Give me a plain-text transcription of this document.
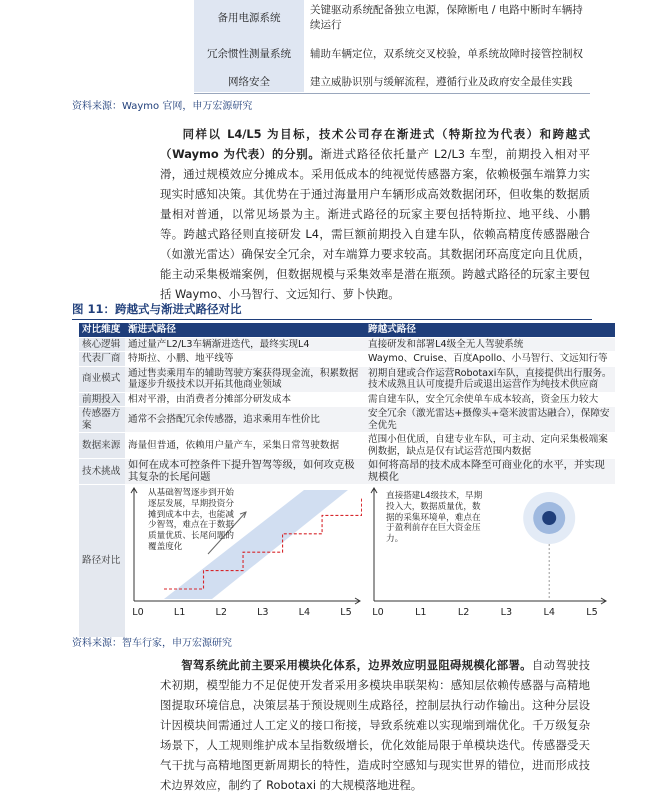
备用电源系统	关键驱动系统配备独立电源，保障断电 / 电路中断时车辆持续运行
冗余惯性测量系统	辅助车辆定位，双系统交叉校验，单系统故障时接管控制权
网络安全	建立威胁识别与缓解流程，遵循行业及政府安全最佳实践
资料来源：Waymo 官网，申万宏源研究
同样以 L4/L5 为目标，技术公司存在渐进式（特斯拉为代表）和跨越式（Waymo 为代表）的分别。渐进式路径依托量产 L2/L3 车型，前期投入相对平滑，通过规模效应分摊成本。采用低成本的纯视觉传感器方案，依赖极强车端算力实现实时感知决策。其优势在于通过海量用户车辆形成高效数据闭环，但收集的数据质量相对普通，以常见场景为主。渐进式路径的玩家主要包括特斯拉、地平线、小鹏等。跨越式路径则直接研发 L4，需巨额前期投入自建车队，依赖高精度传感器融合（如激光雷达）确保安全冗余，对车端算力要求较高。其数据闭环高度定向且优质，能主动采集极端案例，但数据规模与采集效率是潜在瓶颈。跨越式路径的玩家主要包括 Waymo、小马智行、文远知行、萝卜快跑。
图 11：跨越式与渐进式路径对比
对比维度	渐进式路径	跨越式路径
核心逻辑	通过量产L2/L3车辆渐进迭代，最终实现L4	直接研发和部署L4级全无人驾驶系统
代表厂商	特斯拉、小鹏、地平线等	Waymo、Cruise、百度Apollo、小马智行、文远知行等
商业模式	通过售卖乘用车的辅助驾驶方案获得现金流，积累数据量逐步升级技术以开拓其他商业领域	初期自建或合作运营Robotaxi车队，直接提供出行服务。技术成熟且认可度提升后或退出运营作为纯技术供应商
前期投入	相对平滑，由消费者分摊部分研发成本	需自建车队，安全冗余使单车成本较高，资金压力较大
传感器方案	通常不会搭配冗余传感器，追求乘用车性价比	安全冗余（激光雷达+摄像头+毫米波雷达融合），保障安全优先
数据来源	海量但普通，依赖用户量产车，采集日常驾驶数据	范围小但优质，自建专业车队，可主动、定向采集极端案例数据，缺点是仅有试运营范围内数据
技术挑战	如何在成本可控条件下提升智驾等级，如何攻克极其复杂的长尾问题	如何将高昂的技术成本降至可商业化的水平，并实现规模化
路径对比		
L0	L1	L2	L3	L4	L5
从基础智驾逐步到开始逐层发展，早期投资分摊到成本中去，也能减少智驾，难点在于数据质量优质、长尾问题的覆盖度化
L0	L1	L2	L3	L4	L5
直接搭建L4级技术，早期投入大，数据质量优，数据的采集环境单，难点在于盈利前存在巨大资金压力。
资料来源：智车行家，申万宏源研究
智驾系统此前主要采用模块化体系，边界效应明显阻碍规模化部署。自动驾驶技术初期，模型能力不足促使开发者采用多模块串联架构：感知层依赖传感器与高精地图提取环境信息，决策层基于预设规则生成路径，控制层执行动作输出。这种分层设计因模块间需通过人工定义的接口衔接，导致系统难以实现端到端优化。千万级复杂场景下，人工规则维护成本呈指数级增长，优化效能局限于单模块迭代。传感器受天气干扰与高精地图更新周期长的特性，造成时空感知与现实世界的错位，进而形成技术边界效应，制约了 Robotaxi 的大规模落地进程。
